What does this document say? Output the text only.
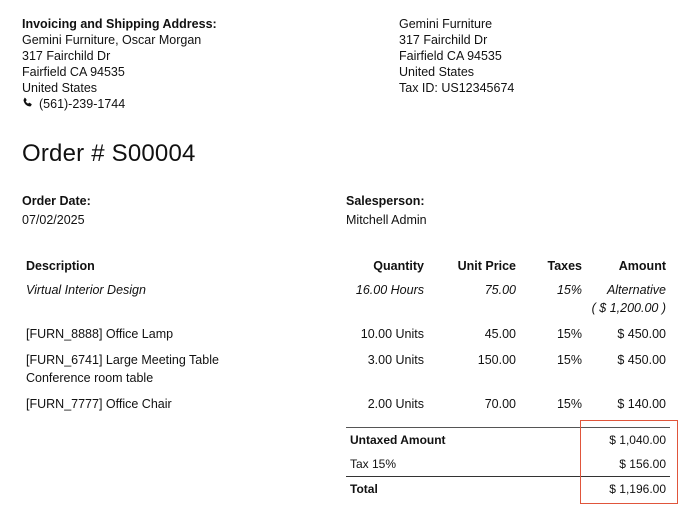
Invoicing and Shipping Address:
Gemini Furniture, Oscar Morgan
317 Fairchild Dr
Fairfield CA 94535
United States
(561)-239-1744
Gemini Furniture
317 Fairchild Dr
Fairfield CA 94535
United States
Tax ID: US12345674
Order # S00004
Order Date:
07/02/2025
Salesperson:
Mitchell Admin
Description	Quantity	Unit Price	Taxes	Amount
Virtual Interior Design	16.00 Hours	75.00	15%	Alternative
( $ 1,200.00 )

[FURN_8888] Office Lamp	10.00 Units	45.00	15%	$ 450.00

[FURN_6741] Large Meeting Table
Conference room table	3.00 Units	150.00	15%	$ 450.00
[FURN_7777] Office Chair	2.00 Units	70.00	15%	$ 140.00
Untaxed Amount	$ 1,040.00
Tax 15%	$ 156.00
Total	$ 1,196.00
